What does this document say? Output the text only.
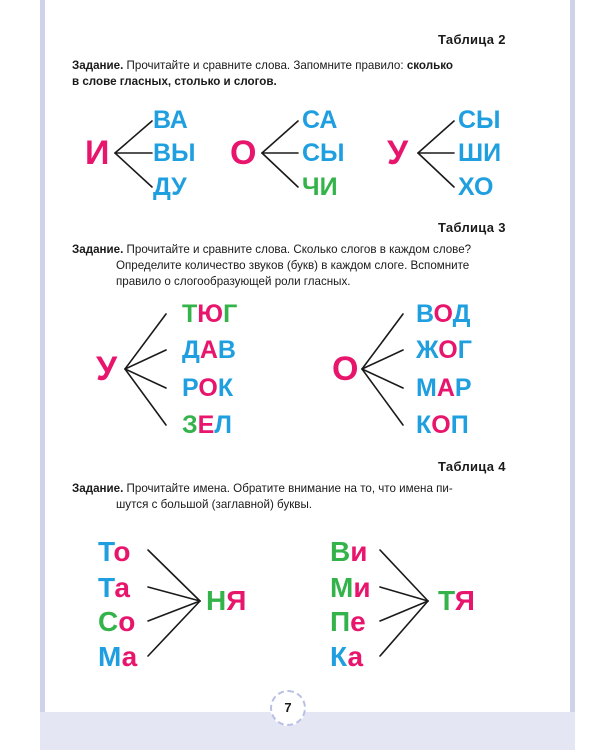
Таблица 2
Задание. Прочитайте и сравните слова. Запомните правило: сколько
в слове гласных, столько и слогов.
И
ВА
ВЫ
ДУ
О
СА
СЫ
ЧИ
У
СЫ
ШИ
ХО
Таблица 3
Задание. Прочитайте и сравните слова. Сколько слогов в каждом слове?
Определите количество звуков (букв) в каждом слоге. Вспомните
правило о слогообразующей роли гласных.
У
ТЮГ
ДАВ
РОК
ЗЕЛ
О
ВОД
ЖОГ
МАР
КОП
Таблица 4
Задание. Прочитайте имена. Обратите внимание на то, что имена пи-
шутся с большой (заглавной) буквы.
То
Та
Со
Ма
НЯ
Ви
Ми
Пе
Ка
ТЯ
7
